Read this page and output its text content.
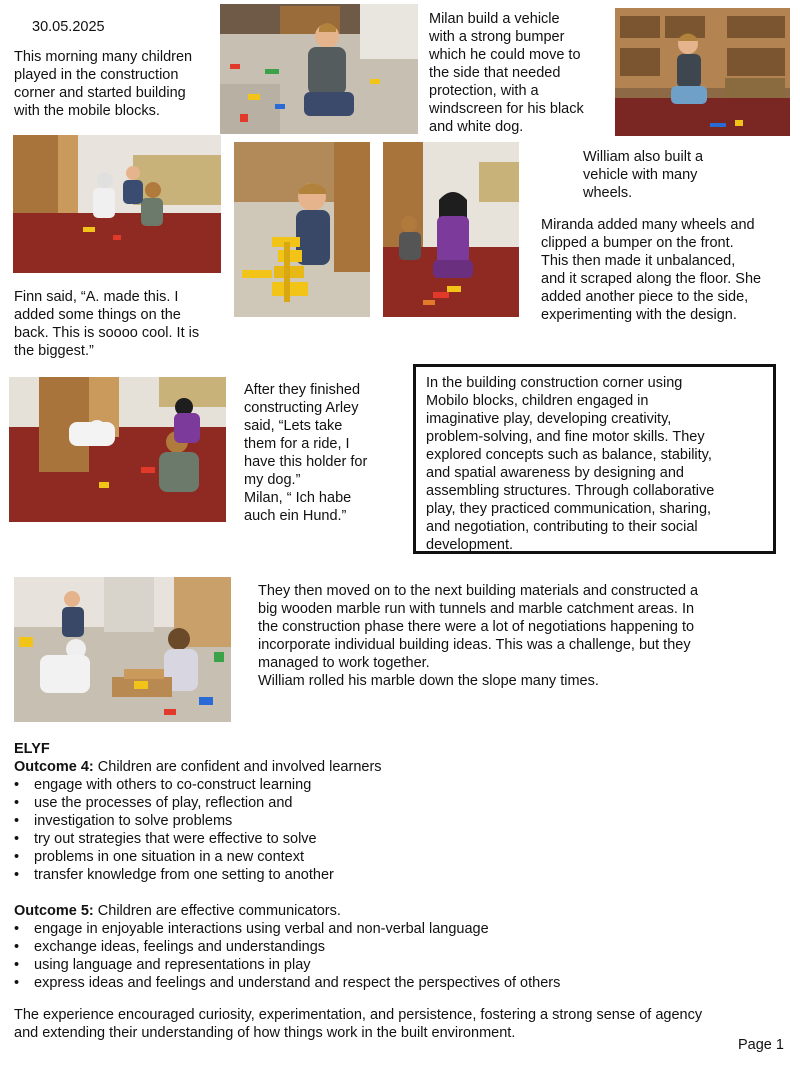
30.05.2025
This morning many children
played in the construction
corner and started building
with the mobile blocks.
Milan build a vehicle
with a strong bumper
which he could move to
the side that needed
protection, with a
windscreen for his black
and white dog.
William also built a
vehicle with many
wheels.
Miranda added many wheels and
clipped a bumper on the front.
This then made it unbalanced,
and it scraped along the floor. She
added another piece to the side,
experimenting with the design.
Finn said, “A. made this. I
added some things on the
back. This is soooo cool. It is
the biggest.”
After they finished
constructing Arley
said, “Lets take
them for a ride, I
have this holder for
my dog.”
Milan, “ Ich habe
auch ein Hund.”
In the building construction corner using
Mobilo blocks, children engaged in
imaginative play, developing creativity,
problem-solving, and fine motor skills. They
explored concepts such as balance, stability,
and spatial awareness by designing and
assembling structures. Through collaborative
play, they practiced communication, sharing,
and negotiation, contributing to their social
development.
They then moved on to the next building materials and constructed a
big wooden marble run with tunnels and marble catchment areas. In
the construction phase there were a lot of negotiations happening to
incorporate individual building ideas. This was a challenge, but they
managed to work together.
William rolled his marble down the slope many times.
ELYF
Outcome 4: Children are confident and involved learners
• engage with others to co-construct learning
• use the processes of play, reflection and
• investigation to solve problems
• try out strategies that were effective to solve
• problems in one situation in a new context
• transfer knowledge from one setting to another
Outcome 5: Children are effective communicators.
• engage in enjoyable interactions using verbal and non-verbal language
• exchange ideas, feelings and understandings
• using language and representations in play
• express ideas and feelings and understand and respect the perspectives of others
The experience encouraged curiosity, experimentation, and persistence, fostering a strong sense of agency
and extending their understanding of how things work in the built environment.
Page 1
